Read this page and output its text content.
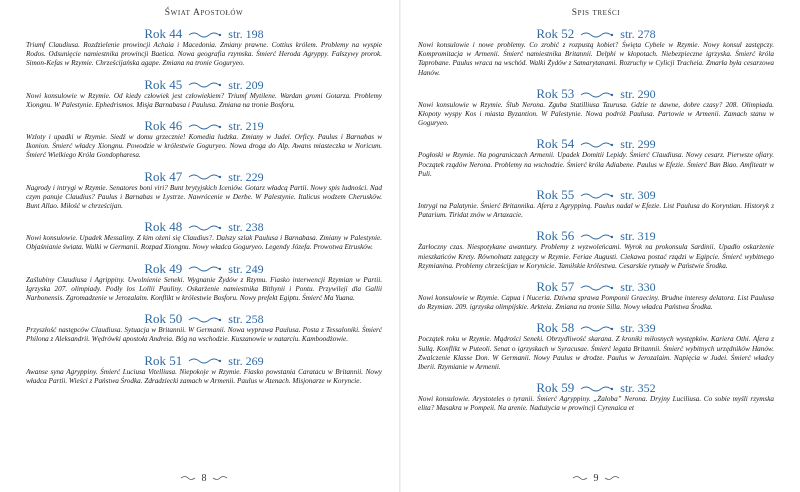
Świat Apostołów
Rok 44	str. 198
Triumf Claudiusa. Rozdzielenie prowincji Achaia i Macedonia. Zmiany prawne. Cottius królem. Problemy na wyspie Rodos. Odsunięcie namiestnika prowincji Baetica. Nowa geografia rzymska. Śmierć Heroda Agryppy. Fałszywy prorok. Simon-Kefas w Rzymie. Chrześcijańska agape. Zmiana na tronie Goguryeo.
Rok 45	str. 209
Nowi konsulowie w Rzymie. Od kiedy człowiek jest człowiekiem? Triumf Mytilene. Wardan gromi Gotarza. Problemy Xiongnu. W Palestynie. Ephedrismos. Misja Barnabasa i Paulusa. Zmiana na tronie Bosforu.
Rok 46	str. 219
Wzloty i upadki w Rzymie. Siedź w domu grzecznie! Komedia ludzka. Zmiany w Judei. Orficy. Paulus i Barnabas w Ikonion. Śmierć władcy Xiongnu. Powodzie w królestwie Goguryeo. Nowa droga do Alp. Awans miasteczka w Noricum. Śmierć Wielkiego Króla Gondopharesa.
Rok 47	str. 229
Nagrody i intrygi w Rzymie. Senatores boni viri? Bunt brytyjskich Iceniów. Gotarz władcą Partii. Nowy spis ludności. Nad czym panuje Claudius? Paulus i Barnabas w Lystrze. Nawrócenie w Derbe. W Palestynie. Italicus wodzem Cherusków. Bunt Allao. Miłość w chrześcijan.
Rok 48	str. 238
Nowi konsulowie. Upadek Messaliny. Z kim ożeni się Claudius?. Dalszy szlak Paulusa i Barnabasa. Zmiany w Palestynie. Objaśnianie świata. Walki w Germanii. Rozpad Xiongnu. Nowy władca Goguryeo. Legendy Józefa. Prowotwa Etrusków.
Rok 49	str. 249
Zaślubiny Claudiusa i Agrippiny. Uwolnienie Seneki. Wygnanie Żydów z Rzymu. Fiasko interwencji Rzymian w Partii. Igrzyska 207. olimpiady. Podły los Lollii Pauliny. Oskarżenie namiestnika Bithynii i Pontu. Przywileji dla Gallii Narbonensis. Zgromadzenie w Jerozalaim. Konflikt w królestwie Bosforu. Nowy prefekt Egiptu. Śmierć Ma Yuana.
Rok 50	str. 258
Przyszłość następców Claudiusa. Sytuacja w Britannii. W Germanii. Nowa wyprawa Paulusa. Posta z Tessaloniki. Śmierć Philona z Aleksandrii. Wędrówki apostoła Andreia. Bóg na wschodzie. Kuszanowie w natarciu. Kamboodżowie.
Rok 51	str. 269
Awanse syna Agryppiny. Śmierć Luciusa Vitelliusa. Niepokoje w Rzymie. Fiasko powstania Caratacu w Britannii. Nowy władca Partii. Wieści z Państwa Środka. Zdradziecki zamach w Armenii. Paulus w Atenach. Misjonarze w Koryncie.
8
Spis treści
Rok 52	str. 278
Nowi konsulowie i nowe problemy. Co zrobić z rozpustą kobiet? Święta Cybele w Rzymie. Nowy konsul zastępczy. Kompromitacja w Armenii. Śmierć namiestnika Britannii. Delphi w kłopotach. Niebezpieczne igrzyska. Śmierć króla Taprobane. Paulus wraca na wschód. Walki Żydów z Samarytanami. Rozruchy w Cylicji Tracheia. Zmarła była cesarzowa Hanów.
Rok 53	str. 290
Nowi konsulowie w Rzymie. Ślub Nerona. Zguba Statilliusa Taurusa. Gdzie te dawne, dobre czasy? 208. Olimpiada. Kłopoty wyspy Kos i miasta Byzantion. W Palestynie. Nowa podróż Paulusa. Partowie w Armenii. Zamach stanu w Goguryeo.
Rok 54	str. 299
Pogłoski w Rzymie. Na pograniczach Armenii. Upadek Domitii Lepidy. Śmierć Claudiusa. Nowy cesarz. Pierwsze ofiary. Początek rządów Nerona. Problemy na wschodzie. Śmierć króla Adiabene. Paulus w Efezie. Śmierć Ban Biao. Amfiteatr w Puli.
Rok 55	str. 309
Intrygi na Palatynie. Śmierć Britannika. Afera z Agryppiną. Paulus nadal w Efezie. List Paulusa do Koryntian. Historyk z Patarium. Tiridat znów w Artaxacie.
Rok 56	str. 319
Żarłoczny czas. Niespotykane awantury. Problemy z wyzwoleńcami. Wyrok na prokonsula Sardinii. Upadło oskarżenie mieszkańców Krety. Równolnatz zatęgczy w Rzymie. Feriae Augusti. Ciekawa postać rządzi w Egipcie. Śmierć wybitnego Rzymianina. Problemy chrześcijan w Korynicie. Tamilskie królestwa. Cesarskie rytuały w Państwie Środka.
Rok 57	str. 330
Nowi konsulowie w Rzymie. Capua i Nuceria. Dziwna sprawa Pomponii Graeciny. Brudne interesy delatora. List Paulusa do Rzymian. 209. igrzyska olimpijskie. Arkteia. Zmiana na tronie Silla. Nowy władca Państwa Środka.
Rok 58	str. 339
Początek roku w Rzymie. Mądrości Seneki. Obrzydliwość skarana. Z kroniki miłosnych występków. Kariera Othi. Afera z Sullą. Konflikt w Puteoli. Senat o igrzyskach w Syracusae. Śmierć legata Britannii. Śmierć wybitnych urzędników Hanów. Zwalczenie Klasse Don. W Germanii. Nowy Paulus w drodze. Paulus w Jerozalaim. Napięcia w Judei. Śmierć władcy Iberii. Rzymianie w Armenii.
Rok 59	str. 352
Nowi konsulowie. Arystoteles o tyranii. Śmierć Agryppiny. „Żaloba” Nerona. Dryjny Luciliusa. Co sobie myśli rzymska elita? Masakra w Pompeii. Na arenie. Nadużycia w prowincji Cyrenaica et
9
